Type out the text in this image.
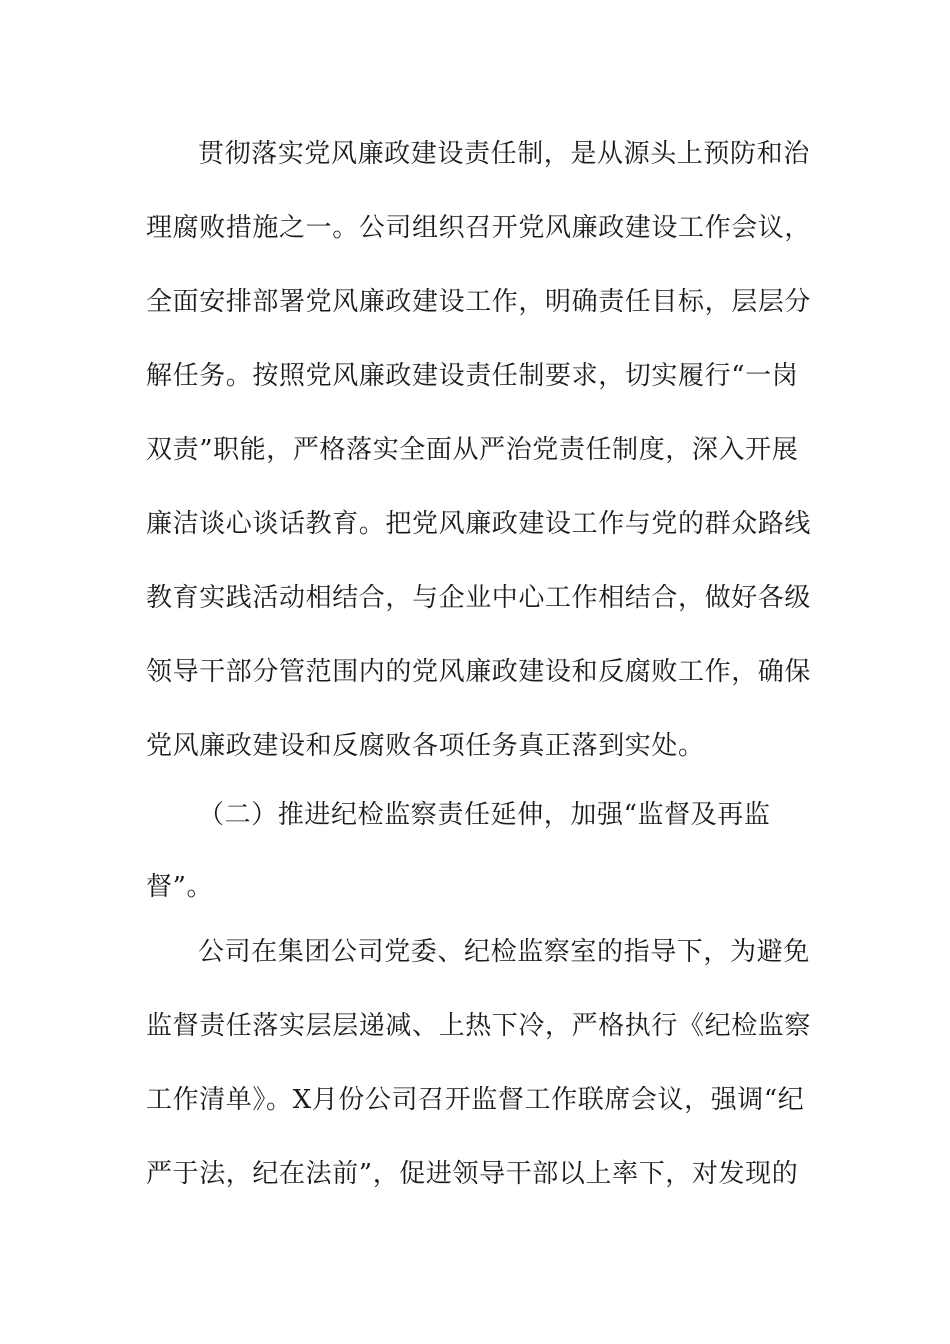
贯彻落实党风廉政建设责任制，是从源头上预防和治
理腐败措施之一。公司组织召开党风廉政建设工作会议，
全面安排部署党风廉政建设工作，明确责任目标，层层分
解任务。按照党风廉政建设责任制要求，切实履行“一岗
双责”职能，严格落实全面从严治党责任制度，深入开展
廉洁谈心谈话教育。把党风廉政建设工作与党的群众路线
教育实践活动相结合，与企业中心工作相结合，做好各级
领导干部分管范围内的党风廉政建设和反腐败工作，确保
党风廉政建设和反腐败各项任务真正落到实处。
（二）推进纪检监察责任延伸，加强“监督及再监
督”。
公司在集团公司党委、纪检监察室的指导下，为避免
监督责任落实层层递减、上热下冷，严格执行《纪检监察
工作清单》。X月份公司召开监督工作联席会议，强调“纪
严于法，纪在法前”，促进领导干部以上率下，对发现的
